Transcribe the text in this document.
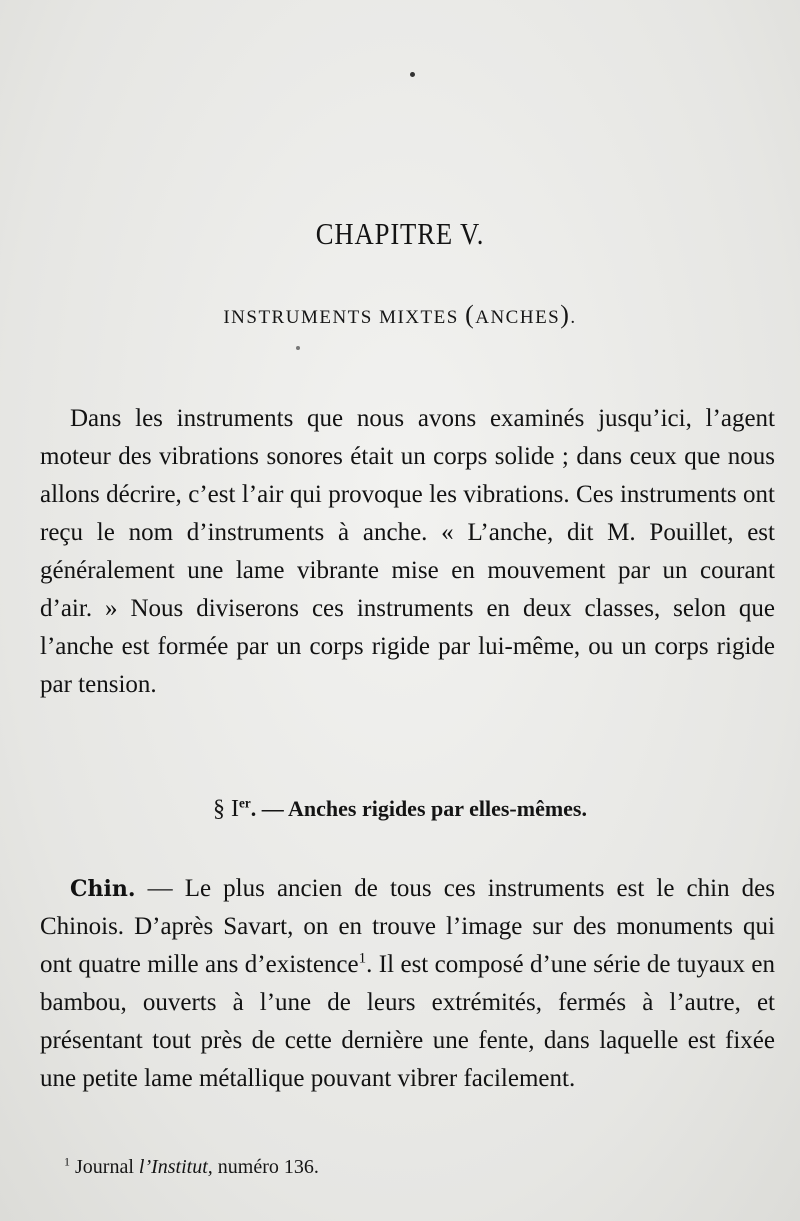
CHAPITRE V.
INSTRUMENTS MIXTES (ANCHES).

Dans les instruments que nous avons examinés jusqu’ici, l’agent moteur des vibrations sonores était un corps solide ; dans ceux que nous allons décrire, c’est l’air qui provoque les vibrations. Ces instruments ont reçu le nom d’instruments à anche. « L’anche, dit M. Pouillet, est généralement une lame vibrante mise en mouvement par un courant d’air. » Nous diviserons ces instruments en deux classes, selon que l’anche est formée par un corps rigide par lui-même, ou un corps rigide par tension.

§ Ier. — Anches rigides par elles-mêmes.

Chin. — Le plus ancien de tous ces instruments est le chin des Chinois. D’après Savart, on en trouve l’image sur des monuments qui ont quatre mille ans d’existence$^1$. Il est composé d’une série de tuyaux en bambou, ouverts à l’une de leurs extrémités, fermés à l’autre, et présentant tout près de cette dernière une fente, dans laquelle est fixée une petite lame métallique pouvant vibrer facilement.

$^1$ Journal l’Institut, numéro 136.
